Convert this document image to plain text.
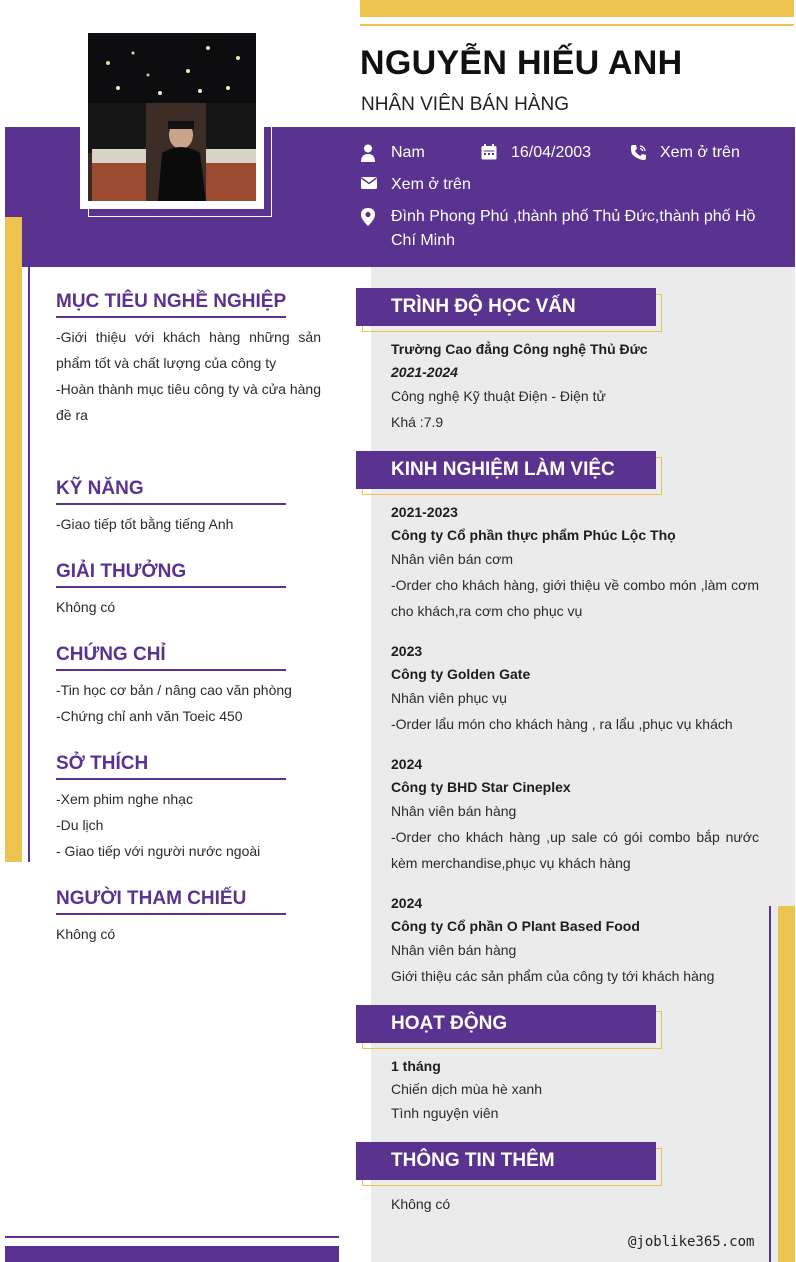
NGUYỄN HIẾU ANH
NHÂN VIÊN BÁN HÀNG
Nam	16/04/2003	Xem ở trên
Xem ở trên
Đình Phong Phú ,thành phố Thủ Đức,thành phố Hồ Chí Minh
MỤC TIÊU NGHỀ NGHIỆP
-Giới thiệu với khách hàng những sản phẩm tốt và chất lượng của công ty
-Hoàn thành mục tiêu công ty và cửa hàng đề ra
KỸ NĂNG
-Giao tiếp tốt bằng tiếng Anh
GIẢI THƯỞNG
Không có
CHỨNG CHỈ
-Tin học cơ bản / nâng cao văn phòng
-Chứng chỉ anh văn Toeic 450
SỞ THÍCH
-Xem phim nghe nhạc
-Du lịch
- Giao tiếp với người nước ngoài
NGƯỜI THAM CHIẾU
Không có
TRÌNH ĐỘ HỌC VẤN
Trường Cao đẳng Công nghệ Thủ Đức
2021-2024
Công nghệ Kỹ thuật Điện - Điện tử
Khá :7.9
KINH NGHIỆM LÀM VIỆC
2021-2023
Công ty Cổ phần thực phẩm Phúc Lộc Thọ
Nhân viên bán cơm
-Order cho khách hàng, giới thiệu về combo món ,làm cơm cho khách,ra cơm cho phục vụ
2023
Công ty Golden Gate
Nhân viên phục vụ
-Order lẩu món cho khách hàng , ra lẩu ,phục vụ khách
2024
Công ty BHD Star Cineplex
Nhân viên bán hàng
-Order cho khách hàng ,up sale có gói combo bắp nước kèm merchandise,phục vụ khách hàng
2024
Công ty Cổ phần O Plant Based Food
Nhân viên bán hàng
Giới thiệu các sản phẩm của công ty tới khách hàng
HOẠT ĐỘNG
1 tháng
Chiến dịch mùa hè xanh
Tình nguyện viên
THÔNG TIN THÊM
Không có
@joblike365.com
